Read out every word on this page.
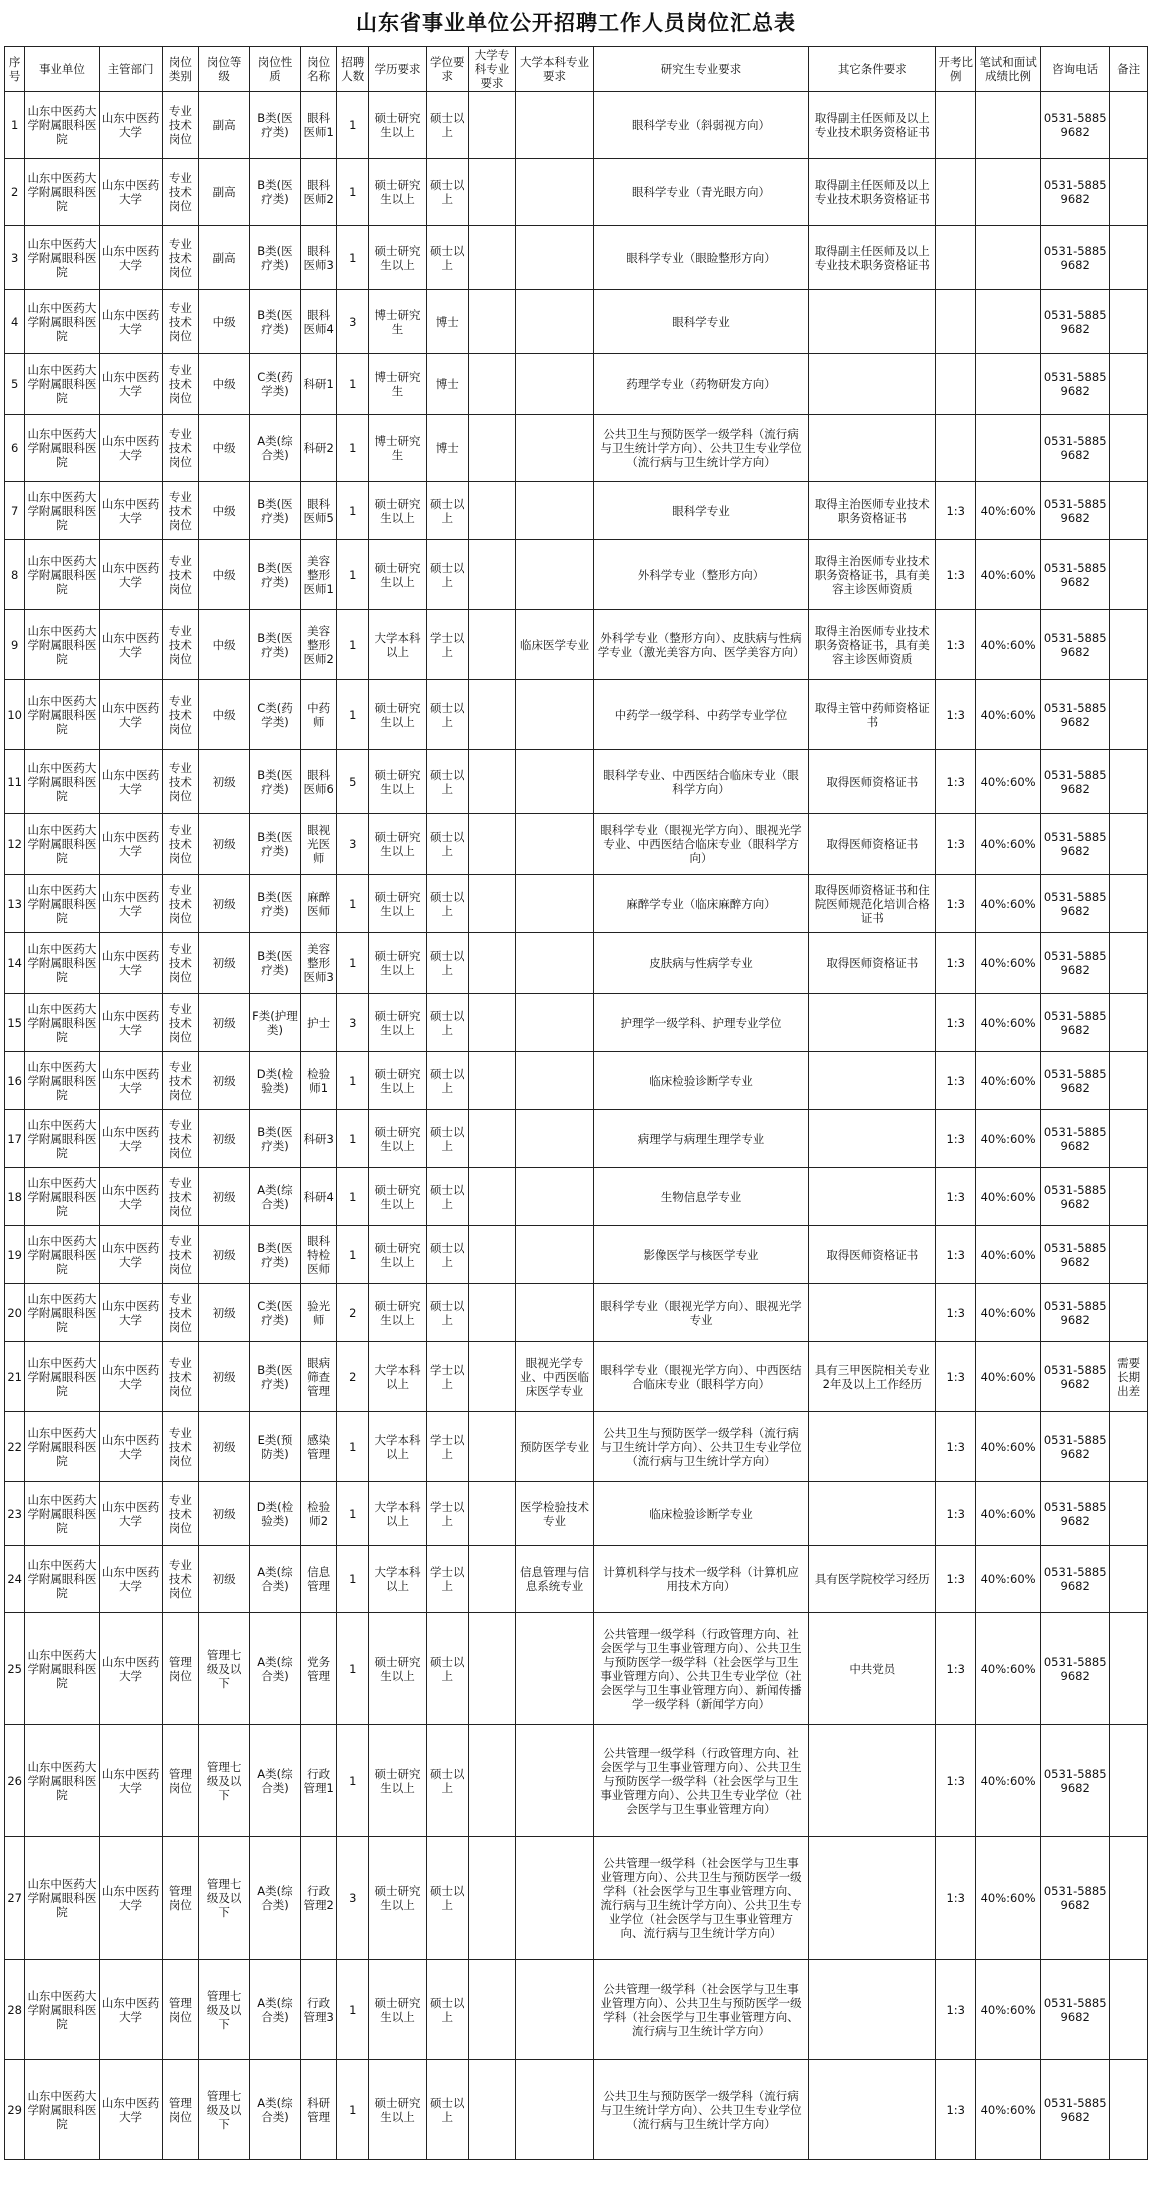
山东省事业单位公开招聘工作人员岗位汇总表
序号	事业单位	主管部门	岗位类别	岗位等级	岗位性质	岗位名称	招聘人数	学历要求	学位要求	大学专科专业要求	大学本科专业要求	研究生专业要求	其它条件要求	开考比例	笔试和面试成绩比例	咨询电话	备注
1	山东中医药大学附属眼科医院	山东中医药大学	专业技术岗位	副高	B类(医疗类)	眼科医师1	1	硕士研究生以上	硕士以上			眼科学专业（斜弱视方向）	取得副主任医师及以上专业技术职务资格证书			0531-58859682	
2	山东中医药大学附属眼科医院	山东中医药大学	专业技术岗位	副高	B类(医疗类)	眼科医师2	1	硕士研究生以上	硕士以上			眼科学专业（青光眼方向）	取得副主任医师及以上专业技术职务资格证书			0531-58859682	
3	山东中医药大学附属眼科医院	山东中医药大学	专业技术岗位	副高	B类(医疗类)	眼科医师3	1	硕士研究生以上	硕士以上			眼科学专业（眼睑整形方向）	取得副主任医师及以上专业技术职务资格证书			0531-58859682	
4	山东中医药大学附属眼科医院	山东中医药大学	专业技术岗位	中级	B类(医疗类)	眼科医师4	3	博士研究生	博士			眼科学专业				0531-58859682	
5	山东中医药大学附属眼科医院	山东中医药大学	专业技术岗位	中级	C类(药学类)	科研1	1	博士研究生	博士			药理学专业（药物研发方向）				0531-58859682	
6	山东中医药大学附属眼科医院	山东中医药大学	专业技术岗位	中级	A类(综合类)	科研2	1	博士研究生	博士			公共卫生与预防医学一级学科（流行病与卫生统计学方向）、公共卫生专业学位（流行病与卫生统计学方向）				0531-58859682	
7	山东中医药大学附属眼科医院	山东中医药大学	专业技术岗位	中级	B类(医疗类)	眼科医师5	1	硕士研究生以上	硕士以上			眼科学专业	取得主治医师专业技术职务资格证书	1:3	40%:60%	0531-58859682	
8	山东中医药大学附属眼科医院	山东中医药大学	专业技术岗位	中级	B类(医疗类)	美容整形医师1	1	硕士研究生以上	硕士以上			外科学专业（整形方向）	取得主治医师专业技术职务资格证书，具有美容主诊医师资质	1:3	40%:60%	0531-58859682	
9	山东中医药大学附属眼科医院	山东中医药大学	专业技术岗位	中级	B类(医疗类)	美容整形医师2	1	大学本科以上	学士以上		临床医学专业	外科学专业（整形方向）、皮肤病与性病学专业（激光美容方向、医学美容方向）	取得主治医师专业技术职务资格证书，具有美容主诊医师资质	1:3	40%:60%	0531-58859682	
10	山东中医药大学附属眼科医院	山东中医药大学	专业技术岗位	中级	C类(药学类)	中药师	1	硕士研究生以上	硕士以上			中药学一级学科、中药学专业学位	取得主管中药师资格证书	1:3	40%:60%	0531-58859682	
11	山东中医药大学附属眼科医院	山东中医药大学	专业技术岗位	初级	B类(医疗类)	眼科医师6	5	硕士研究生以上	硕士以上			眼科学专业、中西医结合临床专业（眼科学方向）	取得医师资格证书	1:3	40%:60%	0531-58859682	
12	山东中医药大学附属眼科医院	山东中医药大学	专业技术岗位	初级	B类(医疗类)	眼视光医师	3	硕士研究生以上	硕士以上			眼科学专业（眼视光学方向）、眼视光学专业、中西医结合临床专业（眼科学方向）	取得医师资格证书	1:3	40%:60%	0531-58859682	
13	山东中医药大学附属眼科医院	山东中医药大学	专业技术岗位	初级	B类(医疗类)	麻醉医师	1	硕士研究生以上	硕士以上			麻醉学专业（临床麻醉方向）	取得医师资格证书和住院医师规范化培训合格证书	1:3	40%:60%	0531-58859682	
14	山东中医药大学附属眼科医院	山东中医药大学	专业技术岗位	初级	B类(医疗类)	美容整形医师3	1	硕士研究生以上	硕士以上			皮肤病与性病学专业	取得医师资格证书	1:3	40%:60%	0531-58859682	
15	山东中医药大学附属眼科医院	山东中医药大学	专业技术岗位	初级	F类(护理类)	护士	3	硕士研究生以上	硕士以上			护理学一级学科、护理专业学位		1:3	40%:60%	0531-58859682	
16	山东中医药大学附属眼科医院	山东中医药大学	专业技术岗位	初级	D类(检验类)	检验师1	1	硕士研究生以上	硕士以上			临床检验诊断学专业		1:3	40%:60%	0531-58859682	
17	山东中医药大学附属眼科医院	山东中医药大学	专业技术岗位	初级	B类(医疗类)	科研3	1	硕士研究生以上	硕士以上			病理学与病理生理学专业		1:3	40%:60%	0531-58859682	
18	山东中医药大学附属眼科医院	山东中医药大学	专业技术岗位	初级	A类(综合类)	科研4	1	硕士研究生以上	硕士以上			生物信息学专业		1:3	40%:60%	0531-58859682	
19	山东中医药大学附属眼科医院	山东中医药大学	专业技术岗位	初级	B类(医疗类)	眼科特检医师	1	硕士研究生以上	硕士以上			影像医学与核医学专业	取得医师资格证书	1:3	40%:60%	0531-58859682	
20	山东中医药大学附属眼科医院	山东中医药大学	专业技术岗位	初级	C类(医疗类)	验光师	2	硕士研究生以上	硕士以上			眼科学专业（眼视光学方向）、眼视光学专业		1:3	40%:60%	0531-58859682	
21	山东中医药大学附属眼科医院	山东中医药大学	专业技术岗位	初级	B类(医疗类)	眼病筛查管理	2	大学本科以上	学士以上		眼视光学专业、中西医临床医学专业	眼科学专业（眼视光学方向）、中西医结合临床专业（眼科学方向）	具有三甲医院相关专业2年及以上工作经历	1:3	40%:60%	0531-58859682	需要长期出差
22	山东中医药大学附属眼科医院	山东中医药大学	专业技术岗位	初级	E类(预防类)	感染管理	1	大学本科以上	学士以上		预防医学专业	公共卫生与预防医学一级学科（流行病与卫生统计学方向）、公共卫生专业学位（流行病与卫生统计学方向）		1:3	40%:60%	0531-58859682	
23	山东中医药大学附属眼科医院	山东中医药大学	专业技术岗位	初级	D类(检验类)	检验师2	1	大学本科以上	学士以上		医学检验技术专业	临床检验诊断学专业		1:3	40%:60%	0531-58859682	
24	山东中医药大学附属眼科医院	山东中医药大学	专业技术岗位	初级	A类(综合类)	信息管理	1	大学本科以上	学士以上		信息管理与信息系统专业	计算机科学与技术一级学科（计算机应用技术方向）	具有医学院校学习经历	1:3	40%:60%	0531-58859682	
25	山东中医药大学附属眼科医院	山东中医药大学	管理岗位	管理七级及以下	A类(综合类)	党务管理	1	硕士研究生以上	硕士以上			公共管理一级学科（行政管理方向、社会医学与卫生事业管理方向）、公共卫生与预防医学一级学科（社会医学与卫生事业管理方向）、公共卫生专业学位（社会医学与卫生事业管理方向）、新闻传播学一级学科（新闻学方向）	中共党员	1:3	40%:60%	0531-58859682	
26	山东中医药大学附属眼科医院	山东中医药大学	管理岗位	管理七级及以下	A类(综合类)	行政管理1	1	硕士研究生以上	硕士以上			公共管理一级学科（行政管理方向、社会医学与卫生事业管理方向）、公共卫生与预防医学一级学科（社会医学与卫生事业管理方向）、公共卫生专业学位（社会医学与卫生事业管理方向）		1:3	40%:60%	0531-58859682	
27	山东中医药大学附属眼科医院	山东中医药大学	管理岗位	管理七级及以下	A类(综合类)	行政管理2	3	硕士研究生以上	硕士以上			公共管理一级学科（社会医学与卫生事业管理方向）、公共卫生与预防医学一级学科（社会医学与卫生事业管理方向、流行病与卫生统计学方向）、公共卫生专业学位（社会医学与卫生事业管理方向、流行病与卫生统计学方向）		1:3	40%:60%	0531-58859682	
28	山东中医药大学附属眼科医院	山东中医药大学	管理岗位	管理七级及以下	A类(综合类)	行政管理3	1	硕士研究生以上	硕士以上			公共管理一级学科（社会医学与卫生事业管理方向）、公共卫生与预防医学一级学科（社会医学与卫生事业管理方向、流行病与卫生统计学方向）		1:3	40%:60%	0531-58859682	
29	山东中医药大学附属眼科医院	山东中医药大学	管理岗位	管理七级及以下	A类(综合类)	科研管理	1	硕士研究生以上	硕士以上			公共卫生与预防医学一级学科（流行病与卫生统计学方向）、公共卫生专业学位（流行病与卫生统计学方向）		1:3	40%:60%	0531-58859682	
